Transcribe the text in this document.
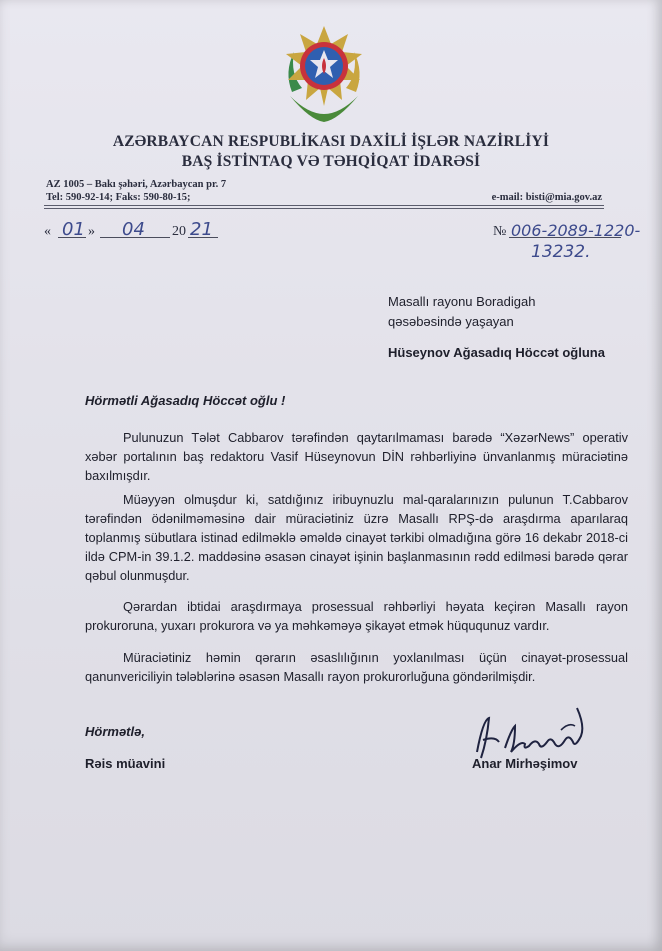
AZƏRBAYCAN RESPUBLİKASI DAXİLİ İŞLƏR NAZİRLİYİ
BAŞ İSTİNTAQ VƏ TƏHQİQAT İDARƏSİ
AZ 1005 – Bakı şəhəri, Azərbaycan pr. 7
Tel: 590-92-14; Faks: 590-80-15;	e-mail: bisti@mia.gov.az
« 01 » 04 20 21	№ 006-2089-1220-
13232.
Masallı rayonu Boradigah
qəsəbəsində yaşayan
Hüseynov Ağasadıq Höccət oğluna
Hörmətli Ağasadıq Höccət oğlu !
Pulunuzun Tələt Cabbarov tərəfindən qaytarılmaması barədə “XəzərNews” operativ xəbər portalının baş redaktoru Vasif Hüseynovun DİN rəhbərliyinə ünvanlanmış müraciətinə baxılmışdır.
Müəyyən olmuşdur ki, satdığınız iribuynuzlu mal-qaralarınızın pulunun T.Cabbarov tərəfindən ödənilməməsinə dair müraciətiniz üzrə Masallı RPŞ-də araşdırma aparılaraq toplanmış sübutlara istinad edilməklə əməldə cinayət tərkibi olmadığına görə 16 dekabr 2018-ci ildə CPM-in 39.1.2. maddəsinə əsasən cinayət işinin başlanmasının rədd edilməsi barədə qərar qəbul olunmuşdur.
Qərardan ibtidai araşdırmaya prosessual rəhbərliyi həyata keçirən Masallı rayon prokuroruna, yuxarı prokurora və ya məhkəməyə şikayət etmək hüququnuz vardır.
Müraciətiniz həmin qərarın əsaslılığının yoxlanılması üçün cinayət-prosessual qanunvericiliyin tələblərinə əsasən Masallı rayon prokurorluğuna göndərilmişdir.
Hörmətlə,
Rəis müavini	Anar Mirhəşimov
